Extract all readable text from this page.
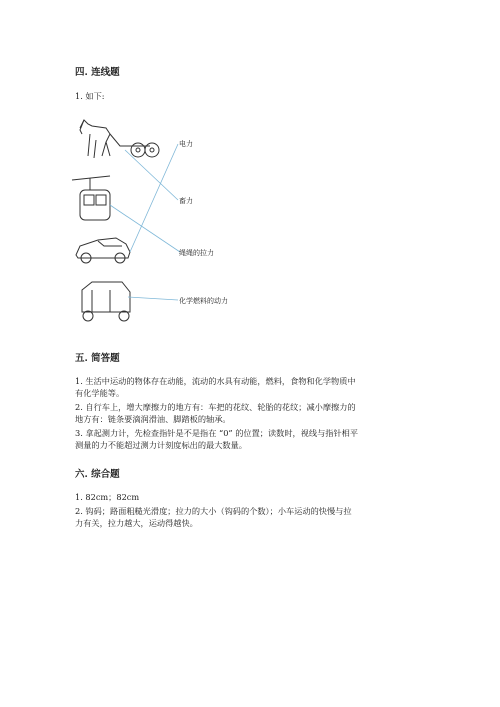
四. 连线题
1. 如下:
电力
畜力
绳绳的拉力
化学燃料的动力
五. 简答题
1. 生活中运动的物体存在动能，流动的水具有动能，燃料，食物和化学物质中
有化学能等。
2. 自行车上，增大摩擦力的地方有：车把的花纹、轮胎的花纹；减小摩擦力的
地方有：链条要滴润滑油、脚踏板的轴承。
3. 拿起测力计，先检查指针是不是指在 “0” 的位置；读数时，视线与指针相平
测量的力不能超过测力计刻度标出的最大数量。
六. 综合题
1. 82cm；82cm
2. 钩码；路面粗糙光滑度；拉力的大小（钩码的个数）；小车运动的快慢与拉
力有关，拉力越大，运动得越快。
